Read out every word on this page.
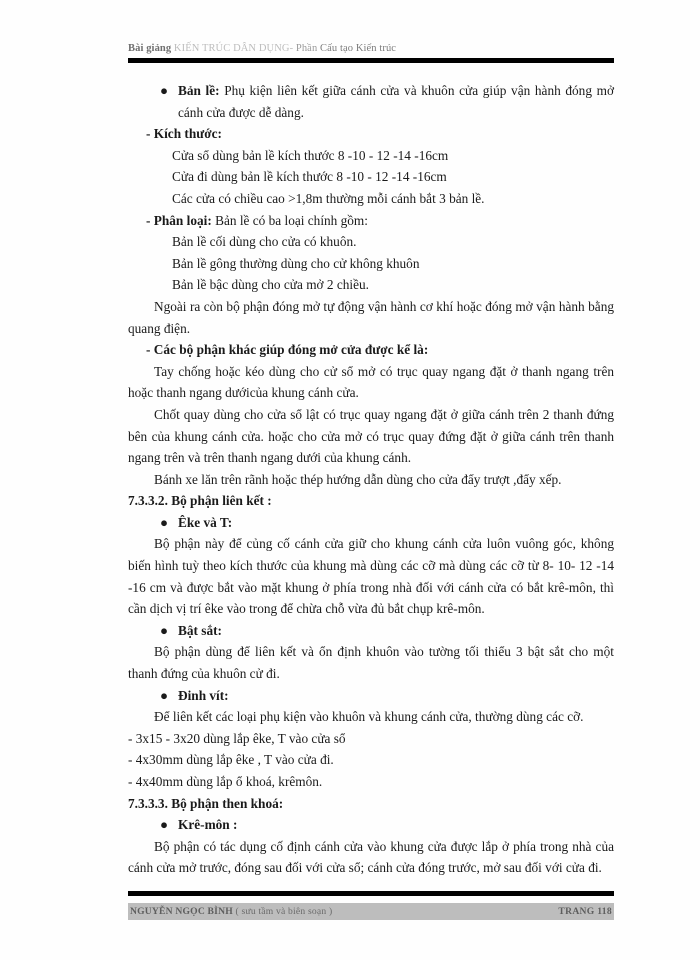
Bài giảng KIẾN TRÚC DÂN DỤNG- Phần Cấu tạo Kiến trúc
● Bản lề: Phụ kiện liên kết giữa cánh cửa và khuôn cửa giúp vận hành đóng mở cánh cửa được dễ dàng.
- Kích thước:
Cửa sổ dùng bản lề kích thước 8 -10 - 12 -14 -16cm
Cửa đi dùng bản lề kích thước 8 -10 - 12 -14 -16cm
Các cửa có chiều cao >1,8m thường mỗi cánh bắt 3 bản lề.
- Phân loại: Bản lề có ba loại chính gồm:
Bản lề cối dùng cho cửa có khuôn.
Bản lề gông thường dùng cho cử không khuôn
Bản lề bậc dùng cho cửa mở 2 chiều.

Ngoài ra còn bộ phận đóng mở tự động vận hành cơ khí hoặc đóng mở vận hành bằng quang điện.

- Các bộ phận khác giúp đóng mở cửa được kể là:

Tay chống hoặc kéo dùng cho cử sổ mở có trục quay ngang đặt ở thanh ngang trên hoặc thanh ngang dướicủa khung cánh cửa.

Chốt quay dùng cho cửa sổ lật có trục quay ngang đặt ở giữa cánh trên 2 thanh đứng bên của khung cánh cửa. hoặc cho cửa mở có trục quay đứng đặt ở giữa cánh trên thanh ngang trên và trên thanh ngang dưới của khung cánh.

Bánh xe lăn trên rãnh hoặc thép hướng dẫn dùng cho cửa đẩy trượt ,đẩy xếp.

7.3.3.2. Bộ phận liên kết :
● Êke và T:

Bộ phận này để củng cố cánh cửa giữ cho khung cánh cửa luôn vuông góc, không biến hình tuỳ theo kích thước của khung mà dùng các cỡ mà dùng các cỡ từ 8- 10- 12 -14 -16 cm và được bắt vào mặt khung ở phía trong nhà đối với cánh cửa có bắt krê-môn, thì cần dịch vị trí êke vào trong để chừa chỗ vừa đủ bắt chụp krê-môn.

● Bật sắt:

Bộ phận dùng để liên kết và ổn định khuôn vào tường tối thiểu 3 bật sắt cho một thanh đứng của khuôn cử đi.

● Đinh vít:

Để liên kết các loại phụ kiện vào khuôn và khung cánh cửa, thường dùng các cỡ.

- 3x15 - 3x20 dùng lắp êke, T vào cửa sổ
- 4x30mm dùng lắp êke , T vào cửa đi.
- 4x40mm dùng lắp ổ khoá, krêmôn.
7.3.3.3. Bộ phận then khoá:
● Krê-môn :

Bộ phận có tác dụng cố định cánh cửa vào khung cửa được lắp ở phía trong nhà của cánh cửa mở trước, đóng sau đối với cửa sổ; cánh cửa đóng trước, mở sau đối với cửa đi.

NGUYỄN NGỌC BÌNH ( sưu tầm và biên soạn )	TRANG 118
